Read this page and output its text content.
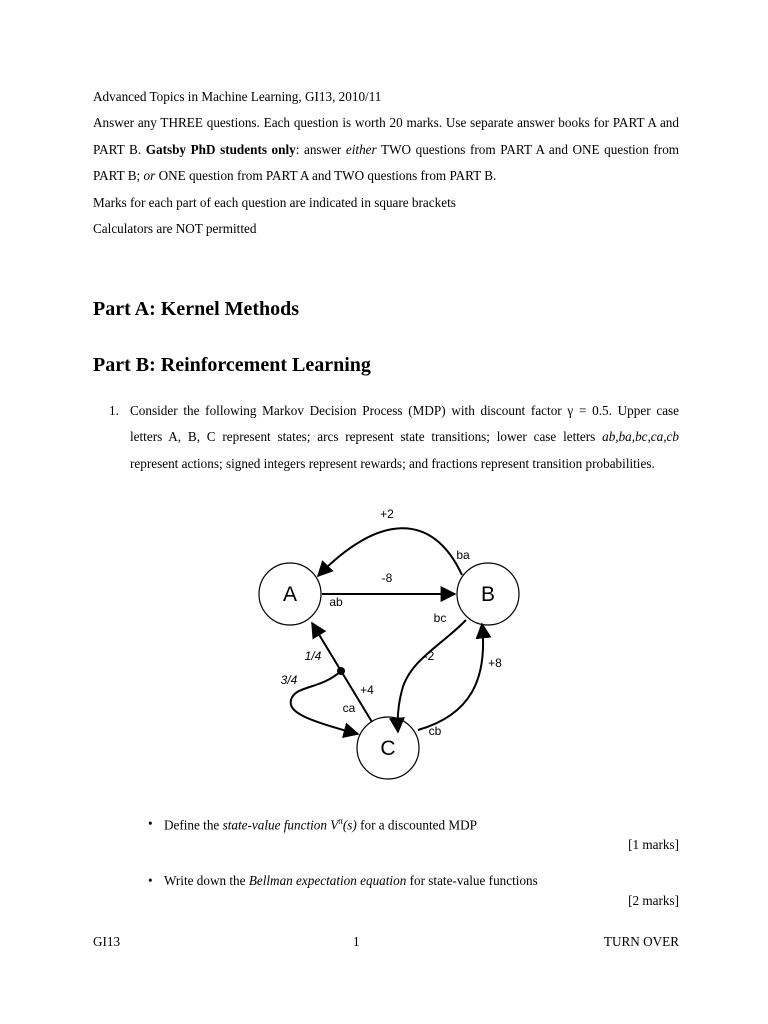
Advanced Topics in Machine Learning, GI13, 2010/11

Answer any THREE questions. Each question is worth 20 marks. Use separate answer books for PART A and PART B. Gatsby PhD students only: answer either TWO questions from PART A and ONE question from PART B; or ONE question from PART A and TWO questions from PART B.

Marks for each part of each question are indicated in square brackets

Calculators are NOT permitted

Part A: Kernel Methods
Part B: Reinforcement Learning
1. Consider the following Markov Decision Process (MDP) with discount factor γ = 0.5. Upper case letters A, B, C represent states; arcs represent state transitions; lower case letters ab,ba,bc,ca,cb represent actions; signed integers represent rewards; and fractions represent transition probabilities.
A	B
C
-8
ab
+2
ba
bc
-2	+8
cb
+4
ca
1/4
3/4
• Define the state-value function $V^\pi(s)$ for a discounted MDP
[1 marks]
• Write down the Bellman expectation equation for state-value functions
[2 marks]
GI13	1	TURN OVER
